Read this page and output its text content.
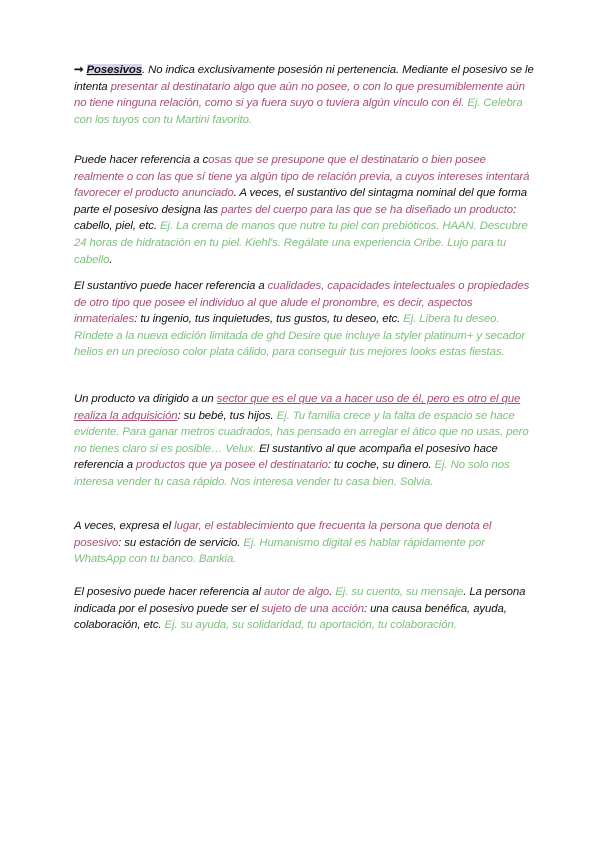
➞ Posesivos. No indica exclusivamente posesión ni pertenencia. Mediante el posesivo se le intenta presentar al destinatario algo que aún no posee, o con lo que presumiblemente aún no tiene ninguna relación, como si ya fuera suyo o tuviera algún vínculo con él. Ej. Celebra con los tuyos con tu Martini favorito.

Puede hacer referencia a cosas que se presupone que el destinatario o bien posee realmente o con las que sí tiene ya algún tipo de relación previa, a cuyos intereses intentará favorecer el producto anunciado. A veces, el sustantivo del sintagma nominal del que forma parte el posesivo designa las partes del cuerpo para las que se ha diseñado un producto: cabello, piel, etc. Ej. La crema de manos que nutre tu piel con prebióticos. HAAN. Descubre 24 horas de hidratación en tu piel. Kiehl's. Regálate una experiencia Oribe. Lujo para tu cabello.

El sustantivo puede hacer referencia a cualidades, capacidades intelectuales o propiedades de otro tipo que posee el individuo al que alude el pronombre, es decir, aspectos inmateriales: tu ingenio, tus inquietudes, tus gustos, tu deseo, etc. Ej. Libera tu deseo. Ríndete a la nueva edición limitada de ghd Desire que incluye la styler platinum+ y secador helios en un precioso color plata cálido, para conseguir tus mejores looks estas fiestas.

Un producto va dirigido a un sector que es el que va a hacer uso de él, pero es otro el que realiza la adquisición: su bebé, tus hijos. Ej. Tu familia crece y la falta de espacio se hace evidente. Para ganar metros cuadrados, has pensado en arreglar el ático que no usas, pero no tienes claro si es posible… Velux. El sustantivo al que acompaña el posesivo hace referencia a productos que ya posee el destinatario: tu coche, su dinero. Ej. No solo nos interesa vender tu casa rápido. Nos interesa vender tu casa bien. Solvia.

A veces, expresa el lugar, el establecimiento que frecuenta la persona que denota el posesivo: su estación de servicio. Ej. Humanismo digital es hablar rápidamente por WhatsApp con tu banco. Bankia.

El posesivo puede hacer referencia al autor de algo. Ej. su cuento, su mensaje. La persona indicada por el posesivo puede ser el sujeto de una acción: una causa benéfica, ayuda, colaboración, etc. Ej. su ayuda, su solidaridad, tu aportación, tu colaboración.
